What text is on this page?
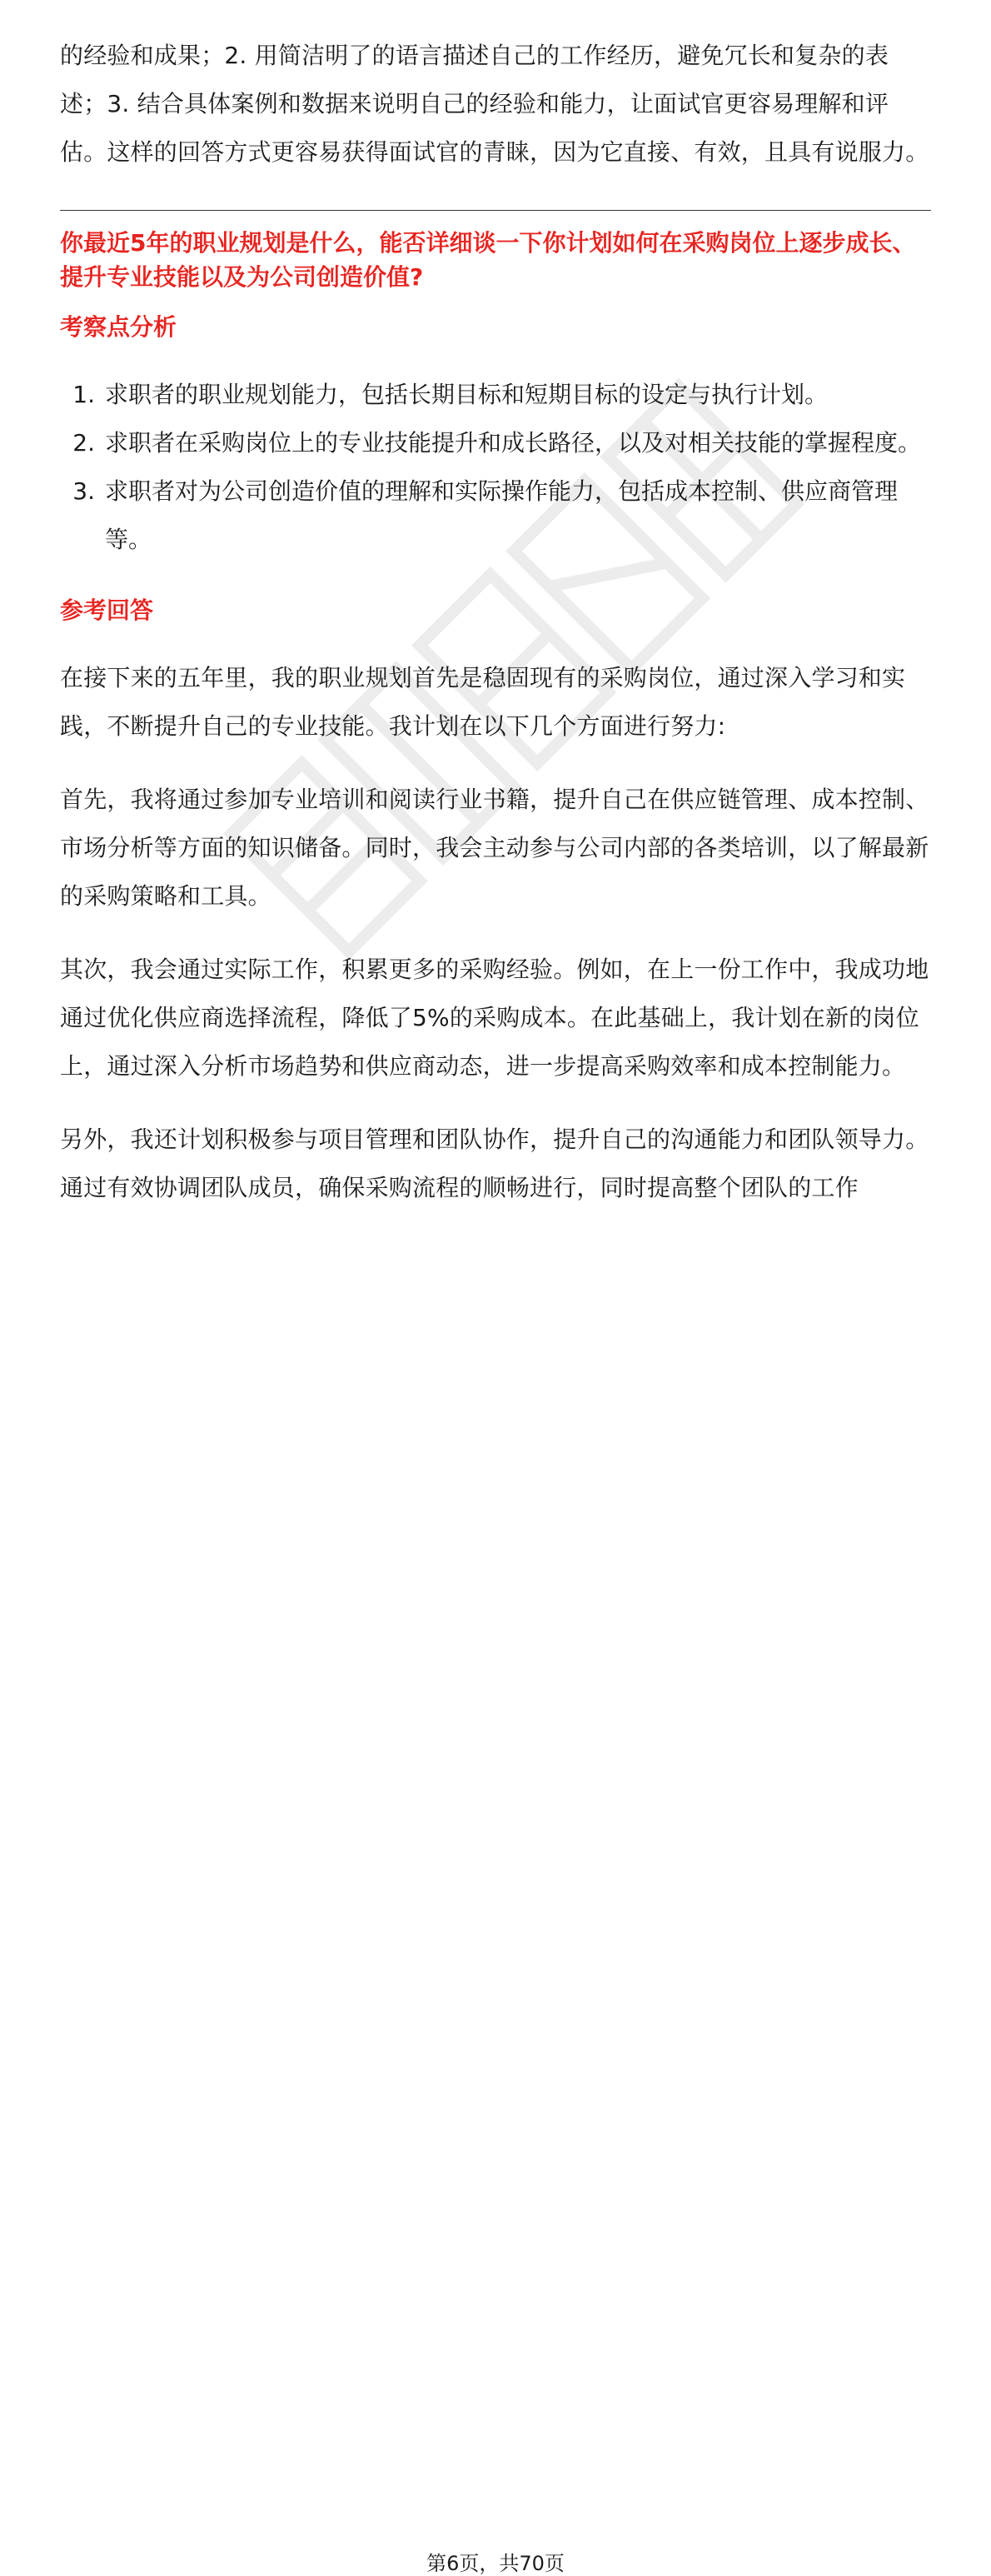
的经验和成果；2. 用简洁明了的语言描述自己的工作经历，避免冗长和复杂的表述；3. 结合具体案例和数据来说明自己的经验和能力，让面试官更容易理解和评估。这样的回答方式更容易获得面试官的青睐，因为它直接、有效，且具有说服力。

你最近5年的职业规划是什么，能否详细谈一下你计划如何在采购岗位上逐步成长、提升专业技能以及为公司创造价值?

考察点分析
1. 求职者的职业规划能力，包括长期目标和短期目标的设定与执行计划。
2. 求职者在采购岗位上的专业技能提升和成长路径，以及对相关技能的掌握程度。
3. 求职者对为公司创造价值的理解和实际操作能力，包括成本控制、供应商管理等。
参考回答

在接下来的五年里，我的职业规划首先是稳固现有的采购岗位，通过深入学习和实践，不断提升自己的专业技能。我计划在以下几个方面进行努力:

首先，我将通过参加专业培训和阅读行业书籍，提升自己在供应链管理、成本控制、市场分析等方面的知识储备。同时，我会主动参与公司内部的各类培训，以了解最新的采购策略和工具。

其次，我会通过实际工作，积累更多的采购经验。例如，在上一份工作中，我成功地通过优化供应商选择流程，降低了5%的采购成本。在此基础上，我计划在新的岗位上，通过深入分析市场趋势和供应商动态，进一步提高采购效率和成本控制能力。

另外，我还计划积极参与项目管理和团队协作，提升自己的沟通能力和团队领导力。通过有效协调团队成员，确保采购流程的顺畅进行，同时提高整个团队的工作

第6页，共70页
